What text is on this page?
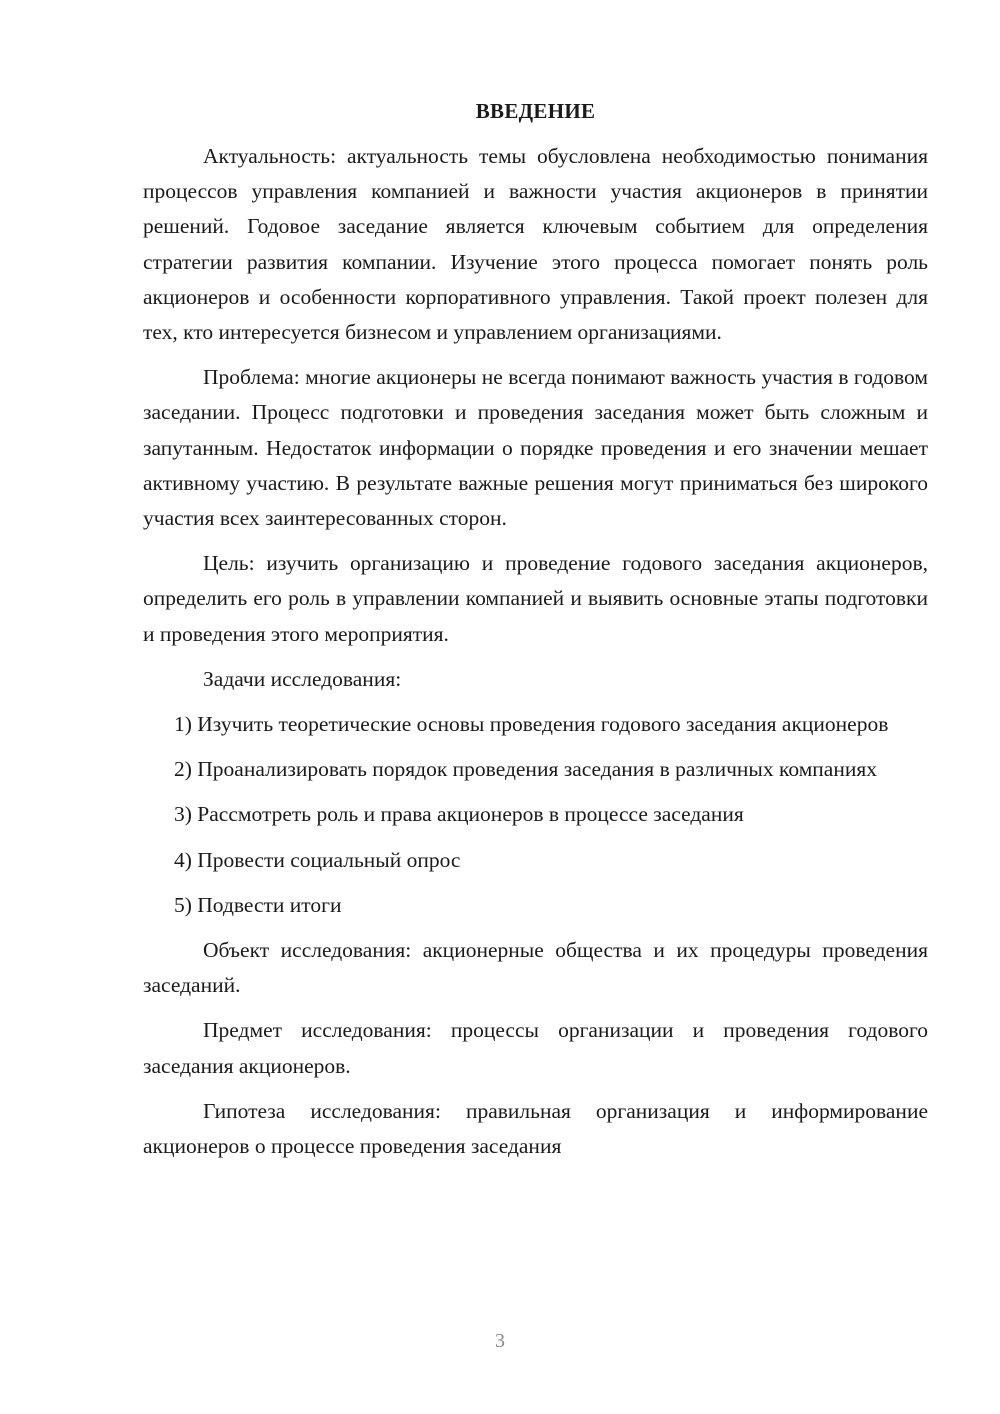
ВВЕДЕНИЕ

Актуальность: актуальность темы обусловлена необходимостью понимания процессов управления компанией и важности участия акционеров в принятии решений. Годовое заседание является ключевым событием для определения стратегии развития компании. Изучение этого процесса помогает понять роль акционеров и особенности корпоративного управления. Такой проект полезен для тех, кто интересуется бизнесом и управлением организациями.

Проблема: многие акционеры не всегда понимают важность участия в годовом заседании. Процесс подготовки и проведения заседания может быть сложным и запутанным. Недостаток информации о порядке проведения и его значении мешает активному участию. В результате важные решения могут приниматься без широкого участия всех заинтересованных сторон.

Цель: изучить организацию и проведение годового заседания акционеров, определить его роль в управлении компанией и выявить основные этапы подготовки и проведения этого мероприятия.

Задачи исследования:

1) Изучить теоретические основы проведения годового заседания акционеров

2) Проанализировать порядок проведения заседания в различных компаниях

3) Рассмотреть роль и права акционеров в процессе заседания

4) Провести социальный опрос

5) Подвести итоги

Объект исследования: акционерные общества и их процедуры проведения заседаний.

Предмет исследования: процессы организации и проведения годового заседания акционеров.

Гипотеза исследования: правильная организация и информирование акционеров о процессе проведения заседания

3
